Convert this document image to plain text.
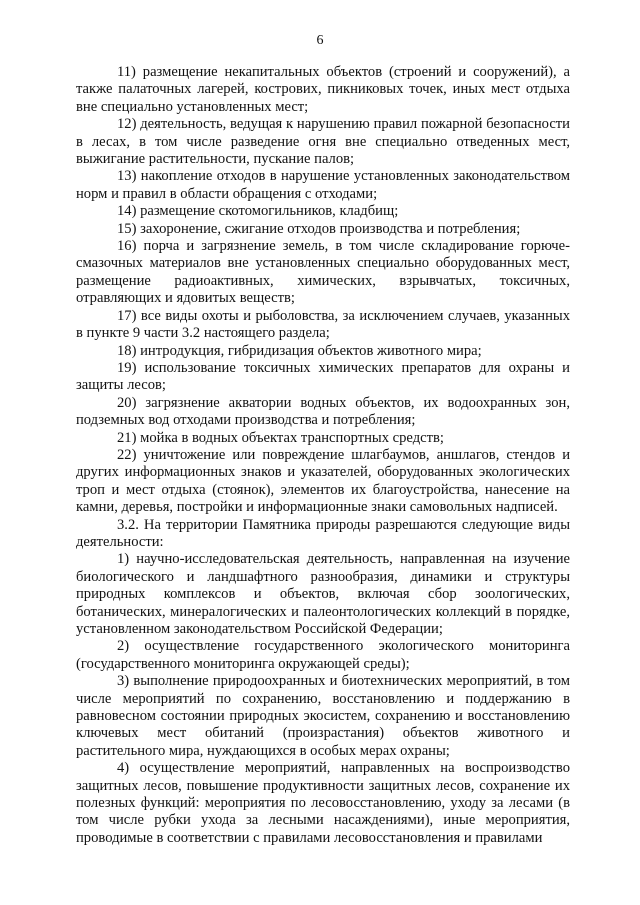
6

11) размещение некапитальных объектов (строений и сооружений), а также палаточных лагерей, кострових, пикниковых точек, иных мест отдыха вне специально установленных мест;

12) деятельность, ведущая к нарушению правил пожарной безопасности в лесах, в том числе разведение огня вне специально отведенных мест, выжигание растительности, пускание палов;

13) накопление отходов в нарушение установленных законодательством норм и правил в области обращения с отходами;

14) размещение скотомогильников, кладбищ;

15) захоронение, сжигание отходов производства и потребления;

16) порча и загрязнение земель, в том числе складирование горюче-смазочных материалов вне установленных специально оборудованных мест, размещение радиоактивных, химических, взрывчатых, токсичных, отравляющих и ядовитых веществ;

17) все виды охоты и рыболовства, за исключением случаев, указанных в пункте 9 части 3.2 настоящего раздела;

18) интродукция, гибридизация объектов животного мира;

19) использование токсичных химических препаратов для охраны и защиты лесов;

20) загрязнение акватории водных объектов, их водоохранных зон, подземных вод отходами производства и потребления;

21) мойка в водных объектах транспортных средств;

22) уничтожение или повреждение шлагбаумов, аншлагов, стендов и других информационных знаков и указателей, оборудованных экологических троп и мест отдыха (стоянок), элементов их благоустройства, нанесение на камни, деревья, постройки и информационные знаки самовольных надписей.

3.2. На территории Памятника природы разрешаются следующие виды деятельности:

1) научно-исследовательская деятельность, направленная на изучение биологического и ландшафтного разнообразия, динамики и структуры природных комплексов и объектов, включая сбор зоологических, ботанических, минералогических и палеонтологических коллекций в порядке, установленном законодательством Российской Федерации;

2) осуществление государственного экологического мониторинга (государственного мониторинга окружающей среды);

3) выполнение природоохранных и биотехнических мероприятий, в том числе мероприятий по сохранению, восстановлению и поддержанию в равновесном состоянии природных экосистем, сохранению и восстановлению ключевых мест обитаний (произрастания) объектов животного и растительного мира, нуждающихся в особых мерах охраны;

4) осуществление мероприятий, направленных на воспроизводство защитных лесов, повышение продуктивности защитных лесов, сохранение их полезных функций: мероприятия по лесовосстановлению, уходу за лесами (в том числе рубки ухода за лесными насаждениями), иные мероприятия, проводимые в соответствии с правилами лесовосстановления и правилами
